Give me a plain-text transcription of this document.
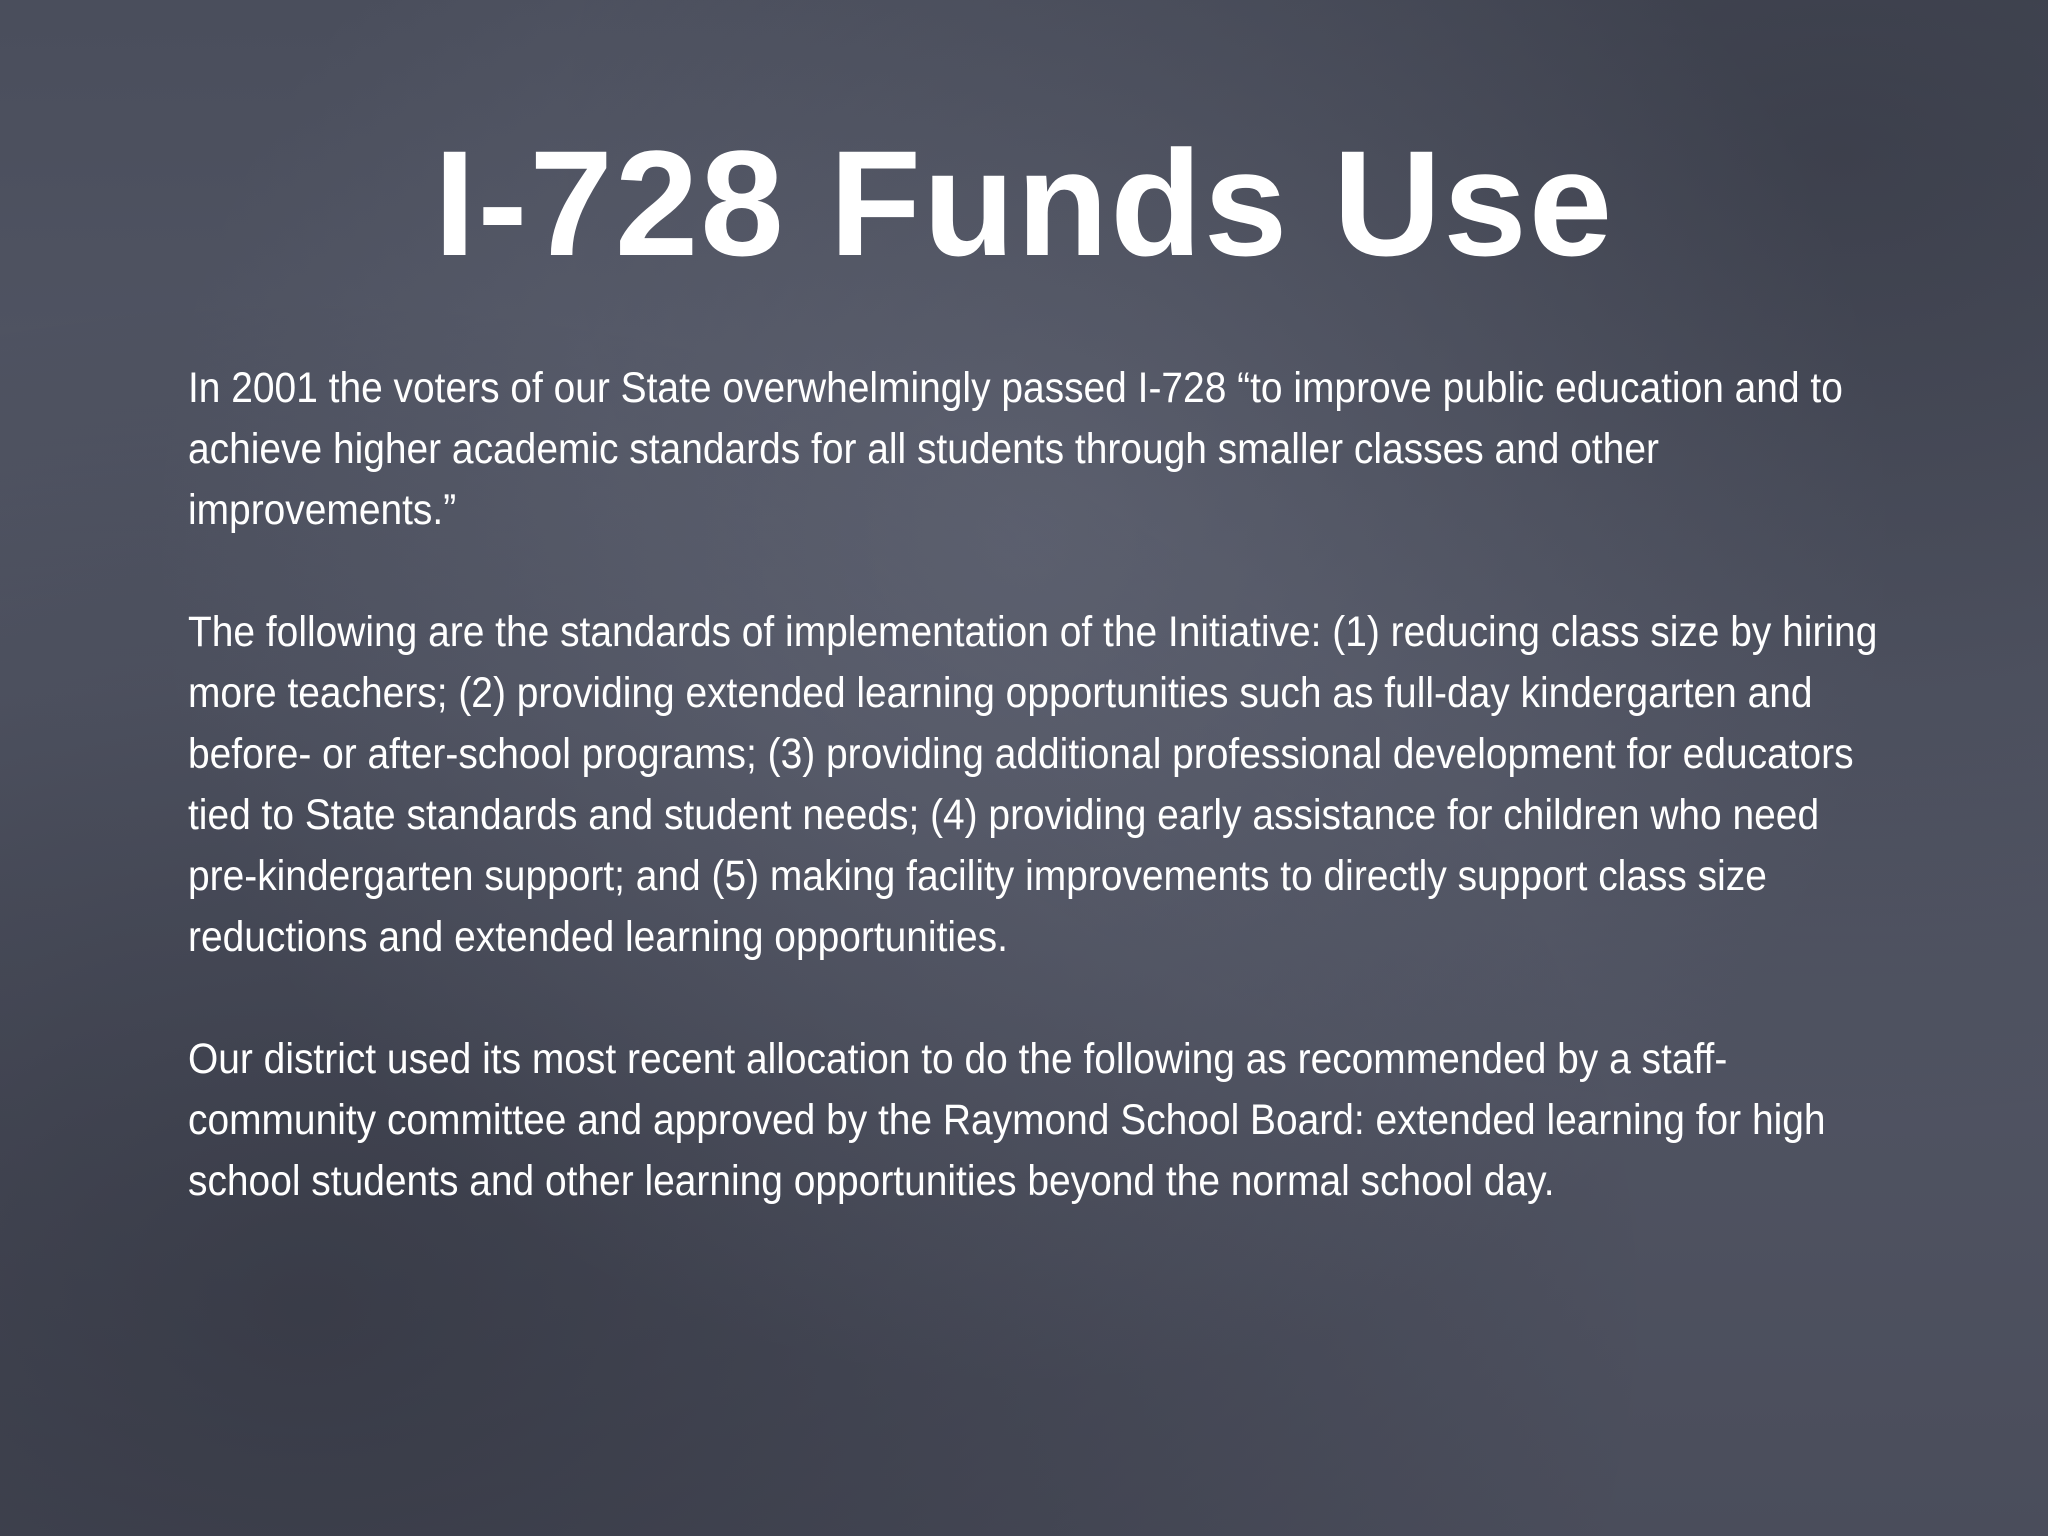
I-728 Funds Use

In 2001 the voters of our State overwhelmingly passed I-728 “to improve public education and to achieve higher academic standards for all students through smaller classes and other improvements.”

The following are the standards of implementation of the Initiative: (1) reducing class size by hiring more teachers; (2) providing extended learning opportunities such as full-day kindergarten and before- or after-school programs; (3) providing additional professional development for educators tied to State standards and student needs; (4) providing early assistance for children who need pre-kindergarten support; and (5) making facility improvements to directly support class size reductions and extended learning opportunities.

Our district used its most recent allocation to do the following as recommended by a staff-community committee and approved by the Raymond School Board: extended learning for high school students and other learning opportunities beyond the normal school day.
